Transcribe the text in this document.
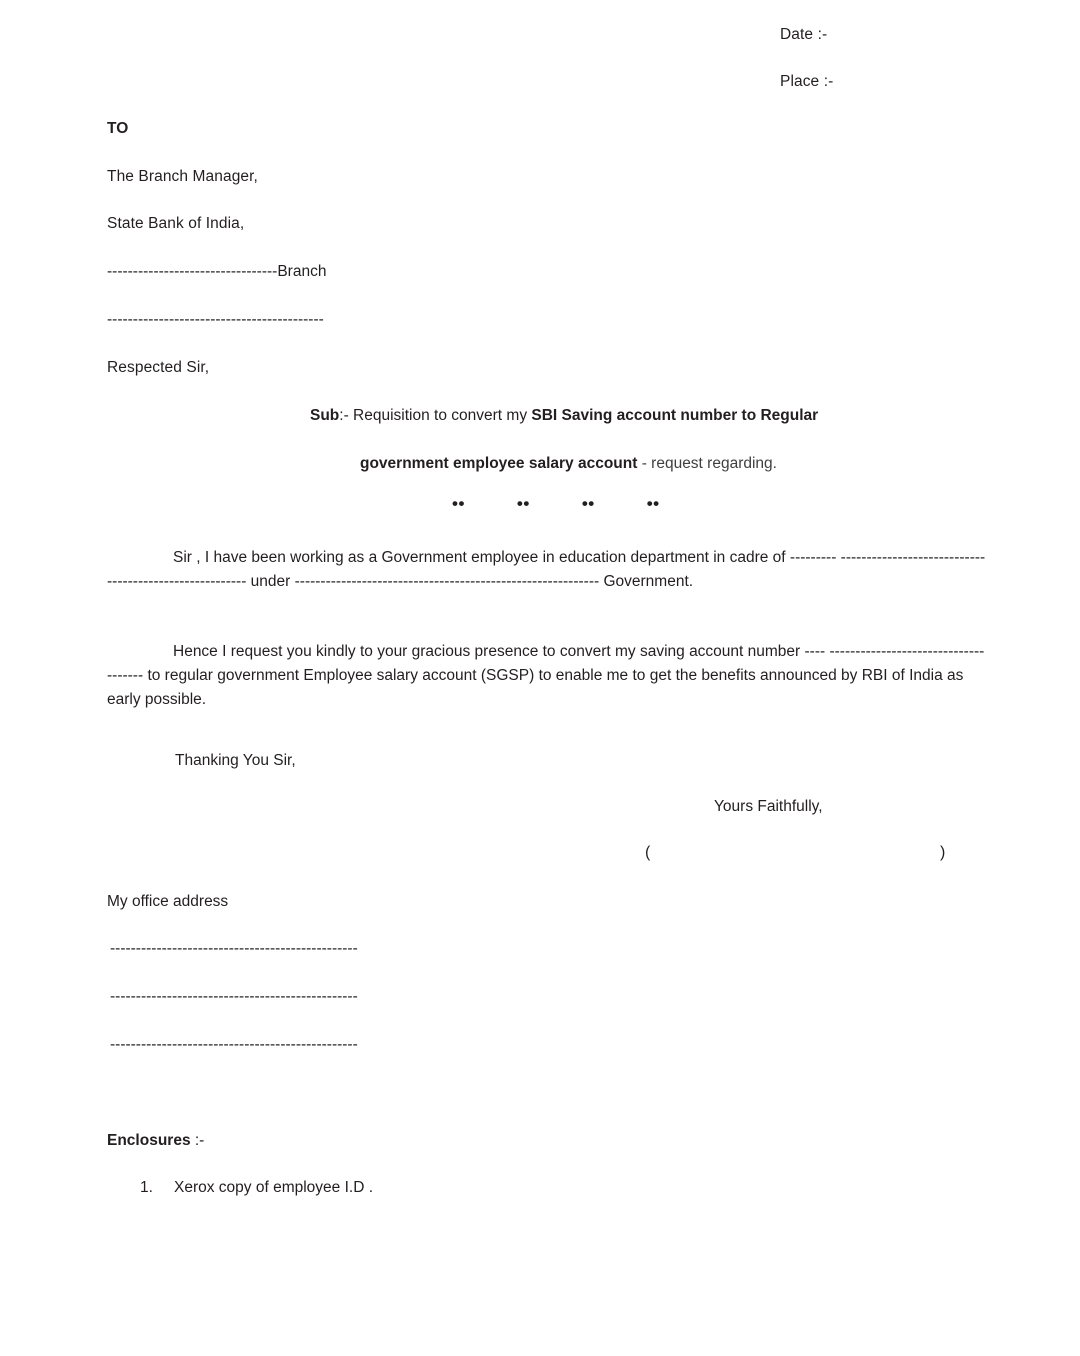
Date :-
Place :-
TO
The Branch Manager,
State Bank of India,
---------------------------------Branch
------------------------------------------
Respected Sir,
Sub:- Requisition to convert my SBI Saving account number to Regular
government employee salary account - request regarding.
••	••	••	••
Sir , I have been working as a Government employee in education department in cadre of --------- ------------------------------------------------------- under ----------------------------------------------------------- Government.
Hence I request you kindly to your gracious presence to convert my saving account number ---- ------------------------------------- to regular government Employee salary account (SGSP) to enable me to get the benefits announced by RBI of India as early possible.
Thanking You Sir,
Yours Faithfully,
(	)
My office address
------------------------------------------------
------------------------------------------------
------------------------------------------------
Enclosures :-
1. Xerox copy of employee I.D .
